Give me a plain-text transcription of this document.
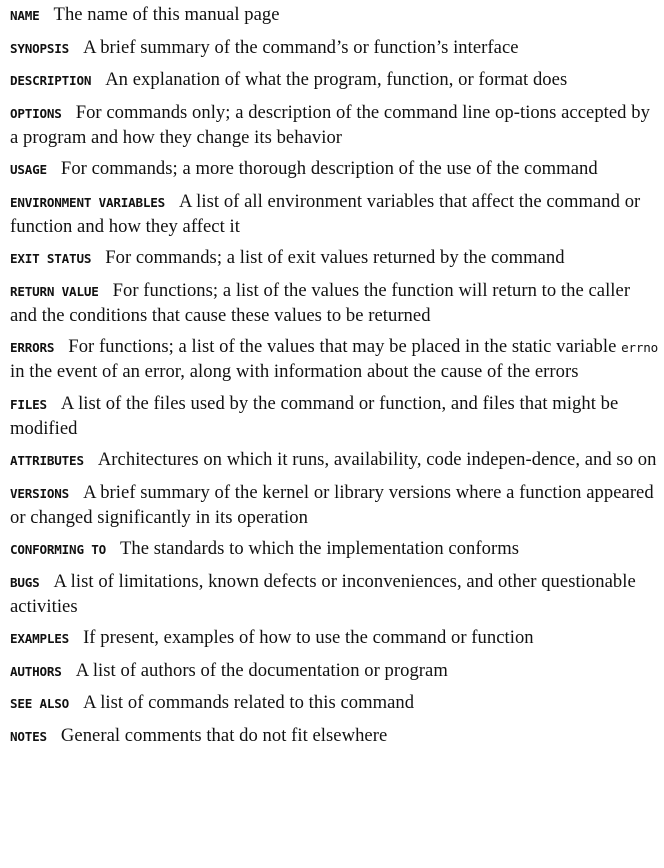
NAME The name of this manual page

SYNOPSIS A brief summary of the command’s or function’s interface

DESCRIPTION An explanation of what the program, function, or format does

OPTIONS For commands only; a description of the command line op-tions accepted by a program and how they change its behavior

USAGE For commands; a more thorough description of the use of the command

ENVIRONMENT VARIABLES A list of all environment variables that affect the command or function and how they affect it

EXIT STATUS For commands; a list of exit values returned by the command

RETURN VALUE For functions; a list of the values the function will return to the caller and the conditions that cause these values to be returned

ERRORS For functions; a list of the values that may be placed in the static variable errno in the event of an error, along with information about the cause of the errors

FILES A list of the files used by the command or function, and files that might be modified

ATTRIBUTES Architectures on which it runs, availability, code indepen-dence, and so on

VERSIONS A brief summary of the kernel or library versions where a function appeared or changed significantly in its operation

CONFORMING TO The standards to which the implementation conforms

BUGS A list of limitations, known defects or inconveniences, and other questionable activities

EXAMPLES If present, examples of how to use the command or function

AUTHORS A list of authors of the documentation or program

SEE ALSO A list of commands related to this command

NOTES General comments that do not fit elsewhere
